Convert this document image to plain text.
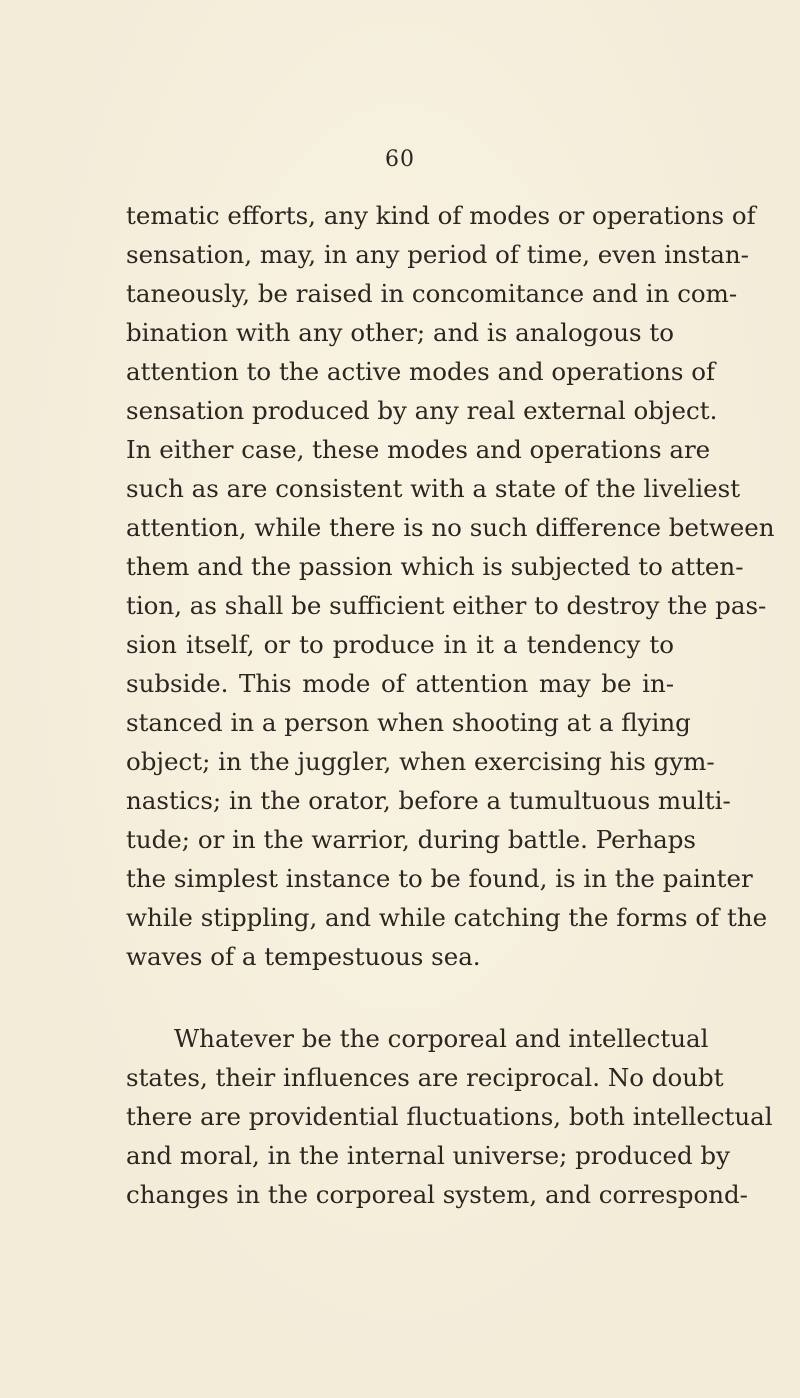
60
tematic efforts, any kind of modes or operations of
sensation, may, in any period of time, even instan-
taneously, be raised in concomitance and in com-
bination with any other; and is analogous to
attention to the active modes and operations of
sensation produced by any real external object.
In either case, these modes and operations are
such as are consistent with a state of the liveliest
attention, while there is no such difference between
them and the passion which is subjected to atten-
tion, as shall be sufficient either to destroy the pas-
sion itself, or to produce in it a tendency to
subside. This mode of attention may be in-
stanced in a person when shooting at a flying
object; in the juggler, when exercising his gym-
nastics; in the orator, before a tumultuous multi-
tude; or in the warrior, during battle. Perhaps
the simplest instance to be found, is in the painter
while stippling, and while catching the forms of the
waves of a tempestuous sea.
Whatever be the corporeal and intellectual
states, their influences are reciprocal. No doubt
there are providential fluctuations, both intellectual
and moral, in the internal universe; produced by
changes in the corporeal system, and correspond-
